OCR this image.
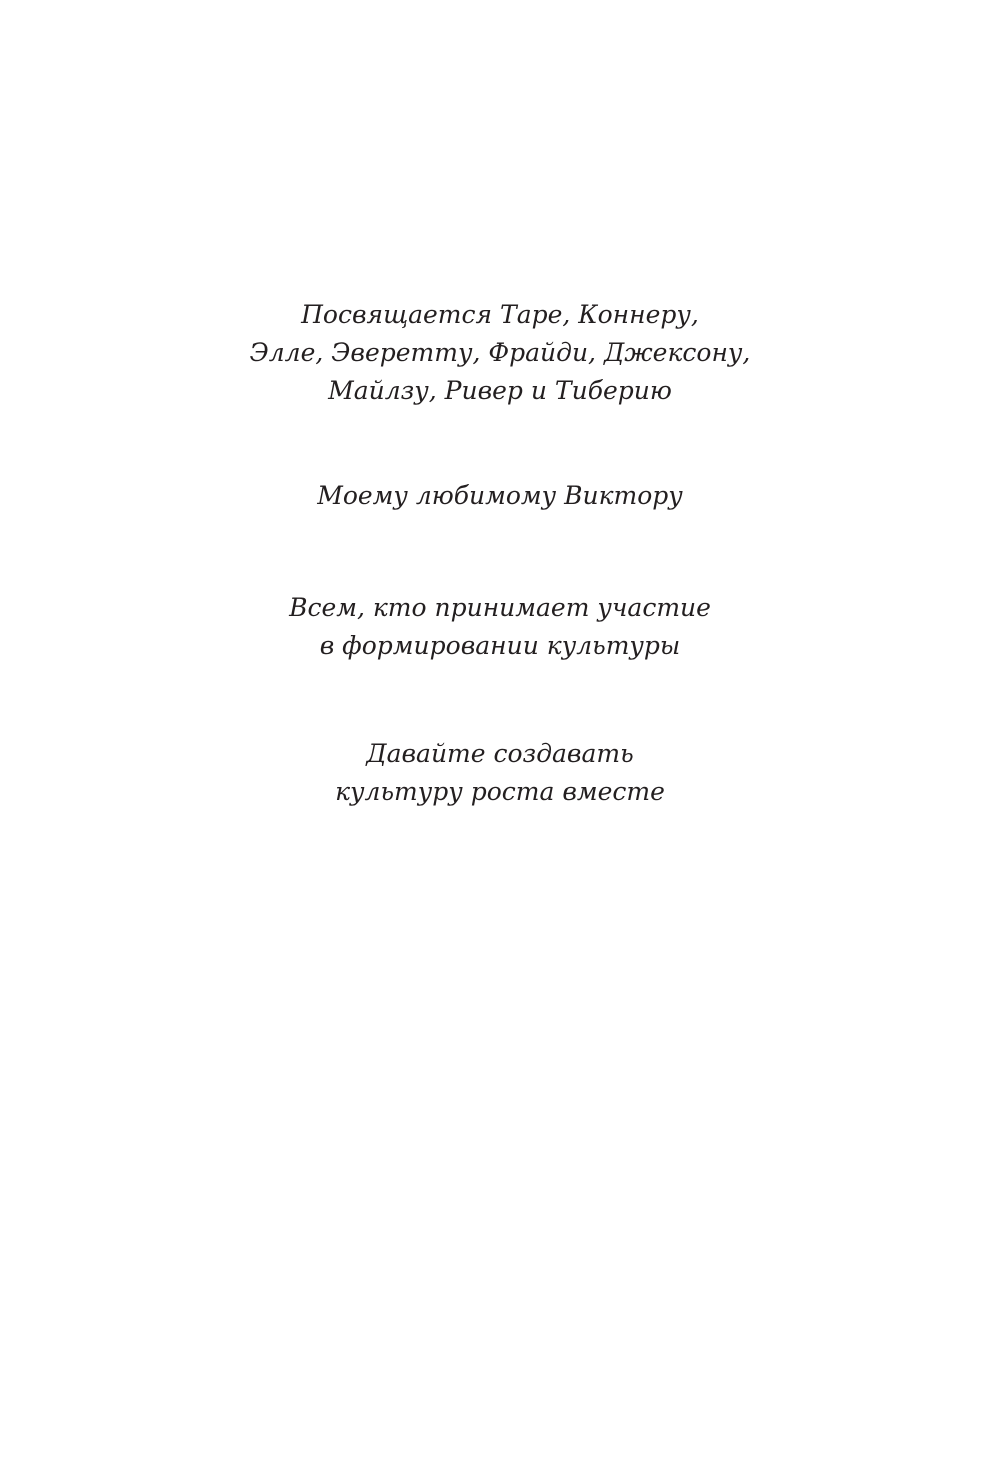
Посвящается Таре, Коннеру,
Элле, Эверетту, Фрайди, Джексону,
Майлзу, Ривер и Тиберию
Моему любимому Виктору
Всем, кто принимает участие
в формировании культуры
Давайте создавать
культуру роста вместе
